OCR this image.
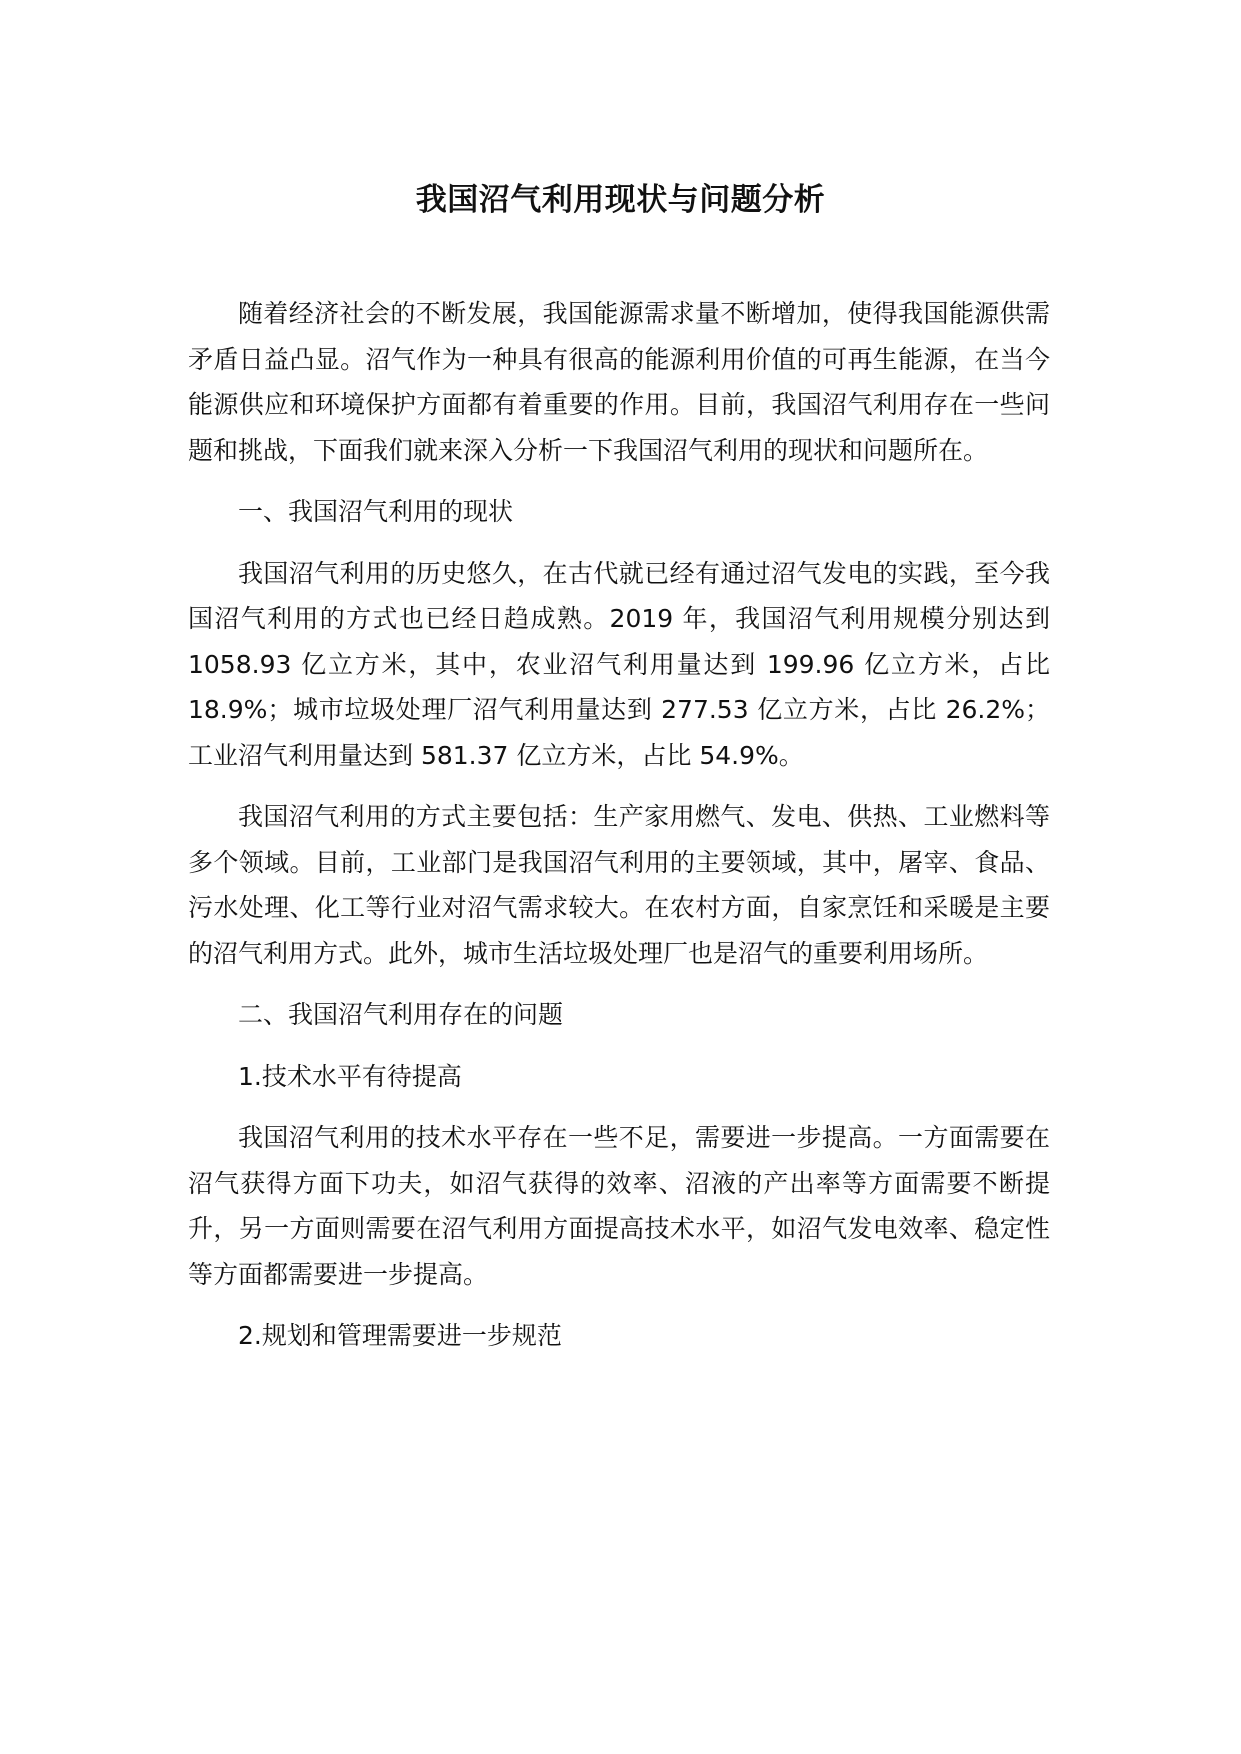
我国沼气利用现状与问题分析

随着经济社会的不断发展，我国能源需求量不断增加，使得我国能源供需矛盾日益凸显。沼气作为一种具有很高的能源利用价值的可再生能源，在当今能源供应和环境保护方面都有着重要的作用。目前，我国沼气利用存在一些问题和挑战，下面我们就来深入分析一下我国沼气利用的现状和问题所在。

一、我国沼气利用的现状

我国沼气利用的历史悠久，在古代就已经有通过沼气发电的实践，至今我国沼气利用的方式也已经日趋成熟。2019 年，我国沼气利用规模分别达到 1058.93 亿立方米，其中，农业沼气利用量达到 199.96 亿立方米，占比 18.9%；城市垃圾处理厂沼气利用量达到 277.53 亿立方米，占比 26.2%；工业沼气利用量达到 581.37 亿立方米，占比 54.9%。

我国沼气利用的方式主要包括：生产家用燃气、发电、供热、工业燃料等多个领域。目前，工业部门是我国沼气利用的主要领域，其中，屠宰、食品、污水处理、化工等行业对沼气需求较大。在农村方面，自家烹饪和采暖是主要的沼气利用方式。此外，城市生活垃圾处理厂也是沼气的重要利用场所。

二、我国沼气利用存在的问题

1.技术水平有待提高

我国沼气利用的技术水平存在一些不足，需要进一步提高。一方面需要在沼气获得方面下功夫，如沼气获得的效率、沼液的产出率等方面需要不断提升，另一方面则需要在沼气利用方面提高技术水平，如沼气发电效率、稳定性等方面都需要进一步提高。

2.规划和管理需要进一步规范
